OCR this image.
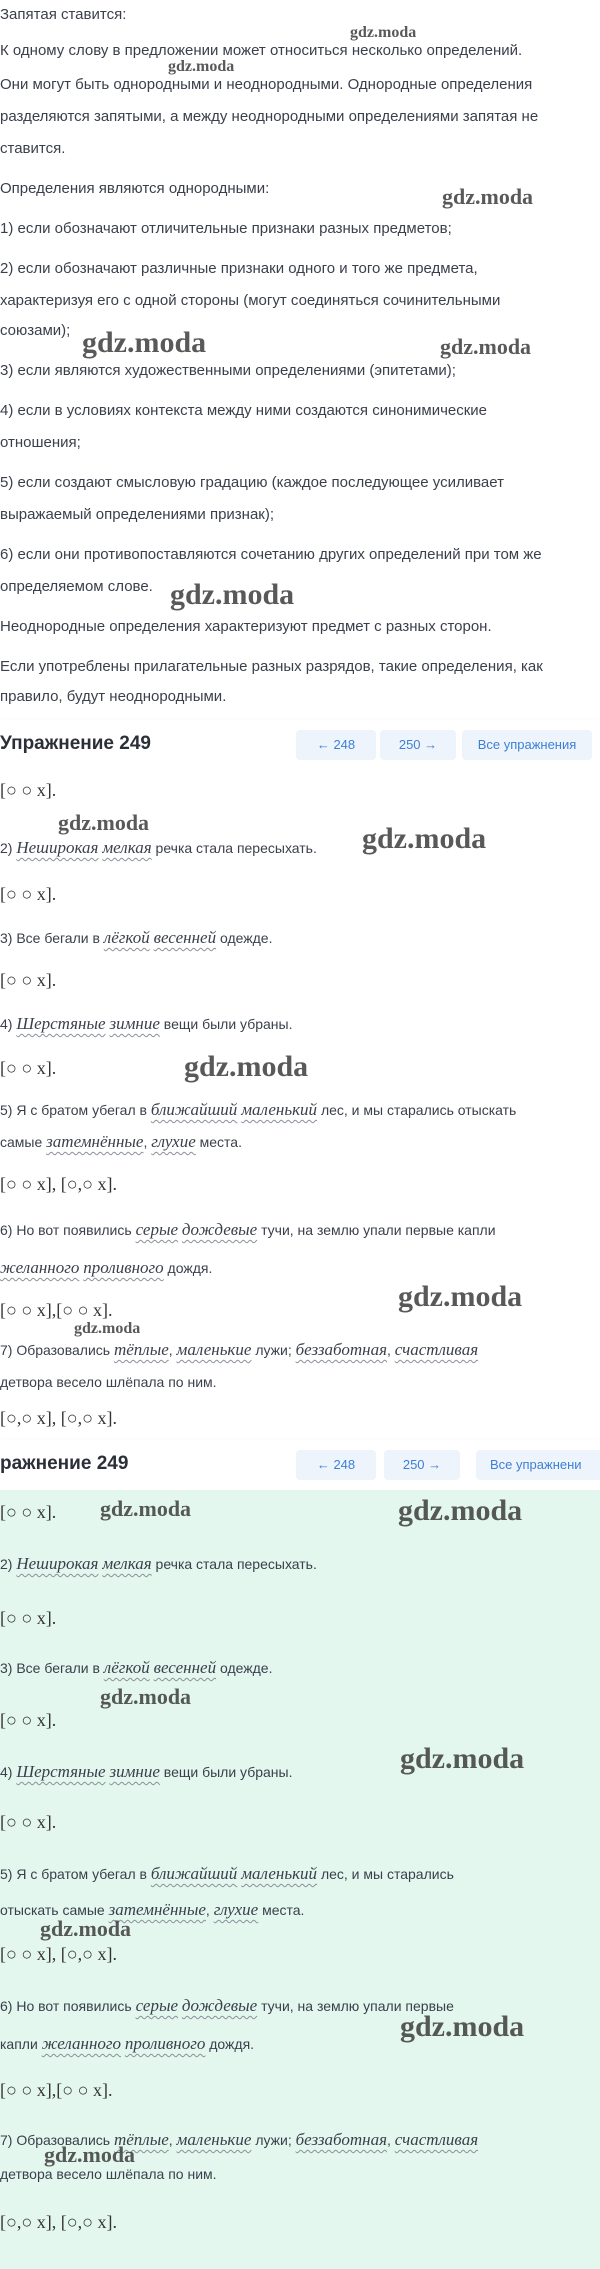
Запятая ставится:
К одному слову в предложении может относиться несколько определений.
Они могут быть однородными и неоднородными. Однородные определения
разделяются запятыми, а между неоднородными определениями запятая не
ставится.
Определения являются однородными:
1) если обозначают отличительные признаки разных предметов;
2) если обозначают различные признаки одного и того же предмета,
характеризуя его с одной стороны (могут соединяться сочинительными
союзами);
3) если являются художественными определениями (эпитетами);
4) если в условиях контекста между ними создаются синонимические
отношения;
5) если создают смысловую градацию (каждое последующее усиливает
выражаемый определениями признак);
6) если они противопоставляются сочетанию других определений при том же
определяемом слове.
Неоднородные определения характеризуют предмет с разных сторон.
Если употреблены прилагательные разных разрядов, такие определения, как
правило, будут неоднородными.
gdz.moda
gdz.moda
gdz.moda
gdz.moda	gdz.moda
gdz.moda
Упражнение 249	← 248	250 →	Все упражнения
[○ ○ x].
2) Неширокая мелкая речка стала пересыхать.
[○ ○ x].
3) Все бегали в лёгкой весенней одежде.
[○ ○ x].
4) Шерстяные зимние вещи были убраны.
[○ ○ x].
5) Я с братом убегал в ближайший маленький лес, и мы старались отыскать
самые затемнённые, глухие места.
[○ ○ x], [○,○ x].
6) Но вот появились серые дождевые тучи, на землю упали первые капли
желанного проливного дождя.
[○ ○ x],[○ ○ x].
7) Образовались тёплые, маленькие лужи; беззаботная, счастливая
детвора весело шлёпала по ним.
[○,○ x], [○,○ x].
gdz.moda	gdz.moda
gdz.moda
gdz.moda
gdz.moda
ражнение 249	← 248	250 →	Все упражнени
[○ ○ x].
2) Неширокая мелкая речка стала пересыхать.
[○ ○ x].
3) Все бегали в лёгкой весенней одежде.
[○ ○ x].
4) Шерстяные зимние вещи были убраны.
[○ ○ x].
5) Я с братом убегал в ближайший маленький лес, и мы старались
отыскать самые затемнённые, глухие места.
[○ ○ x], [○,○ x].
6) Но вот появились серые дождевые тучи, на землю упали первые
капли желанного проливного дождя.
[○ ○ x],[○ ○ x].
7) Образовались тёплые, маленькие лужи; беззаботная, счастливая
детвора весело шлёпала по ним.
[○,○ x], [○,○ x].
gdz.moda	gdz.moda
gdz.moda
gdz.moda
gdz.moda
gdz.moda
gdz.moda
